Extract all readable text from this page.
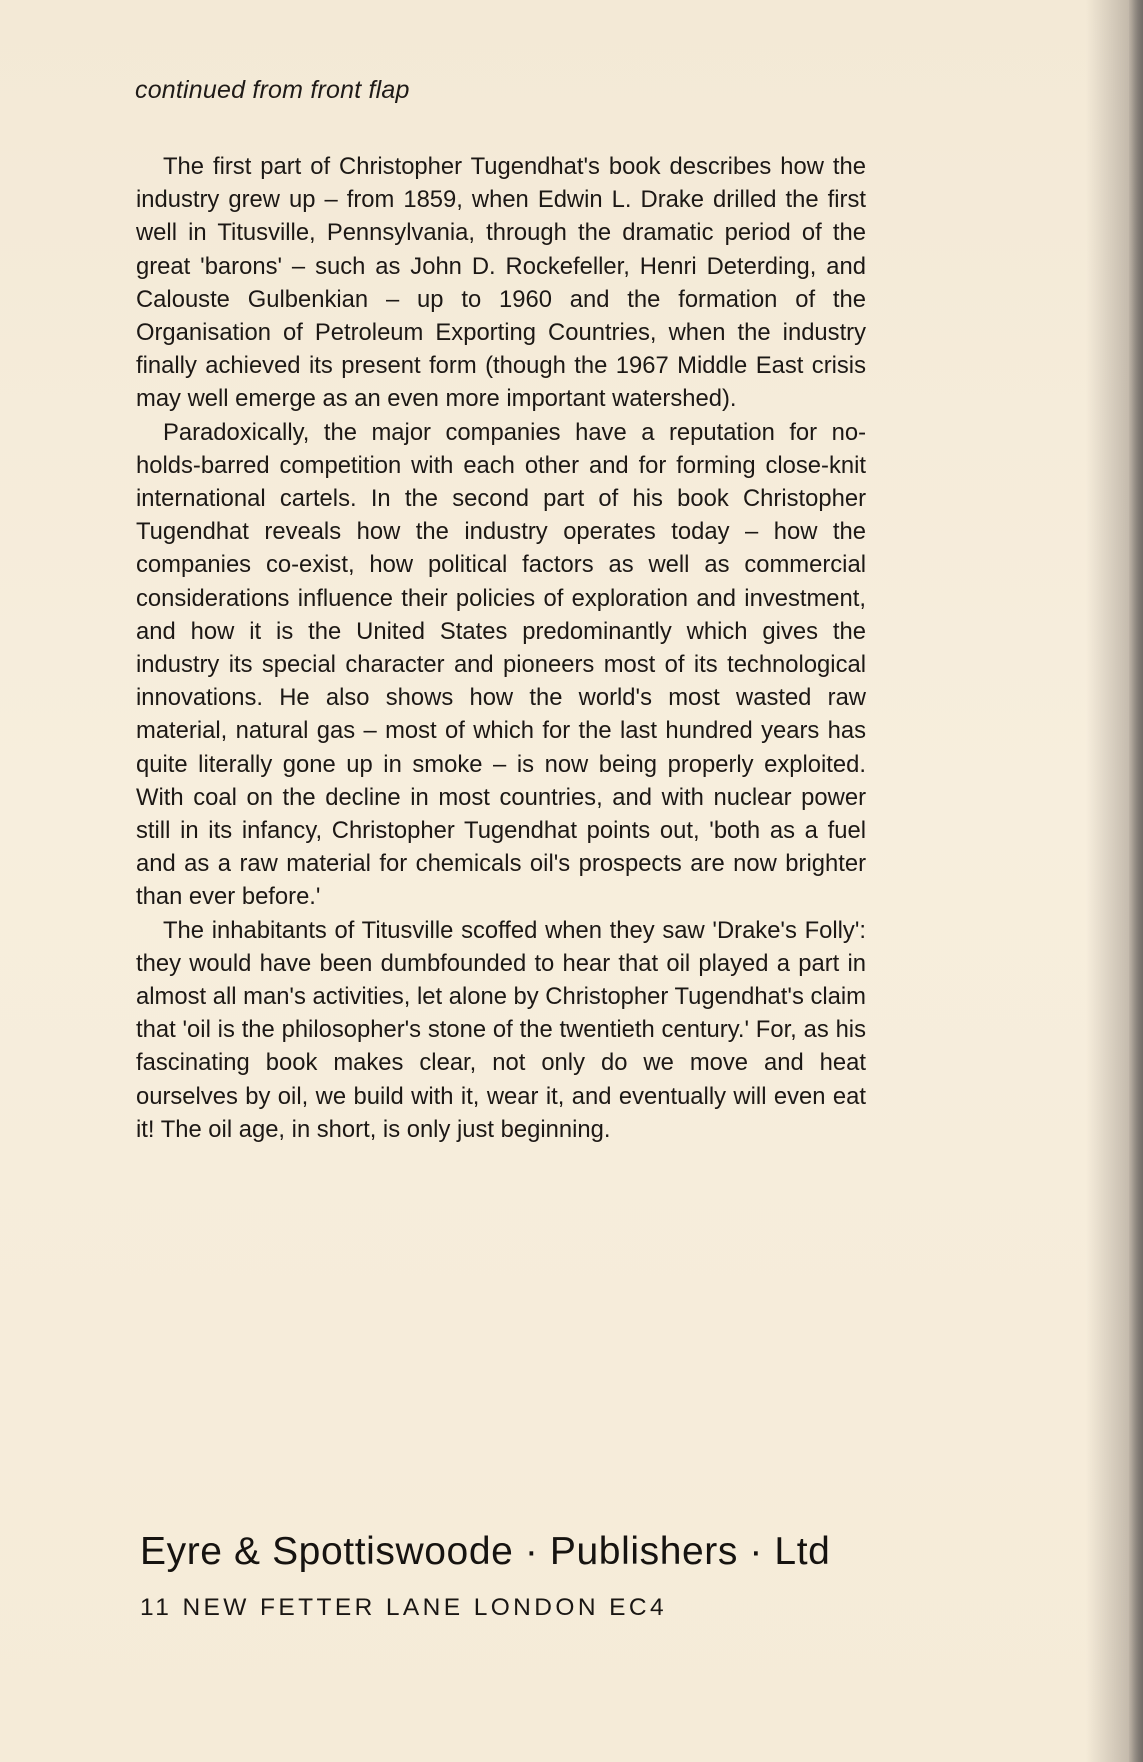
continued from front flap

The first part of Christopher Tugendhat's book describes how the industry grew up – from 1859, when Edwin L. Drake drilled the first well in Titusville, Pennsylvania, through the dramatic period of the great 'barons' – such as John D. Rockefeller, Henri Deterding, and Calouste Gulbenkian – up to 1960 and the formation of the Organisation of Petroleum Exporting Countries, when the industry finally achieved its present form (though the 1967 Middle East crisis may well emerge as an even more important watershed).

Paradoxically, the major companies have a reputation for no-holds-barred competition with each other and for forming close-knit international cartels. In the second part of his book Christopher Tugendhat reveals how the industry operates today – how the companies co-exist, how political factors as well as commercial considerations influence their policies of exploration and investment, and how it is the United States predominantly which gives the industry its special character and pioneers most of its technological innovations. He also shows how the world's most wasted raw material, natural gas – most of which for the last hundred years has quite literally gone up in smoke – is now being properly exploited. With coal on the decline in most countries, and with nuclear power still in its infancy, Christopher Tugendhat points out, 'both as a fuel and as a raw material for chemicals oil's prospects are now brighter than ever before.'

The inhabitants of Titusville scoffed when they saw 'Drake's Folly': they would have been dumbfounded to hear that oil played a part in almost all man's activities, let alone by Christopher Tugendhat's claim that 'oil is the philosopher's stone of the twentieth century.' For, as his fascinating book makes clear, not only do we move and heat ourselves by oil, we build with it, wear it, and eventually will even eat it! The oil age, in short, is only just beginning.

Eyre & Spottiswoode · Publishers · Ltd

11 NEW FETTER LANE LONDON EC4
